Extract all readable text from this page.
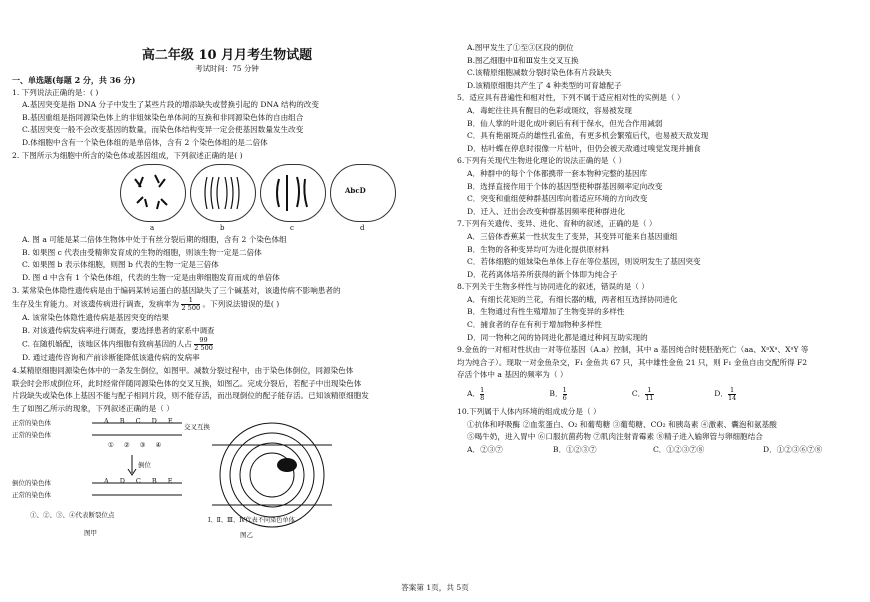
高二年级 10 月月考生物试题
考试时间：75 分钟
一、单选题(每题 2 分，共 36 分)
1. 下列说法正确的是：( )
A.基因突变是指 DNA 分子中发生了某些片段的增添缺失或替换引起的 DNA 结构的改变
B.基因重组是指同源染色体上的非姐妹染色单体间的互换和非同源染色体的自由组合
C.基因突变一般不会改变基因的数量，而染色体结构变异一定会使基因数量发生改变
D.体细胞中含有一个染色体组的是单倍体，含有 2 个染色体组的是二倍体
2. 下图所示为细胞中所含的染色体或基因组成，下列叙述正确的是( )
AbcD
a	b	c	d
A. 图 a 可能是某二倍体生物体中处于有丝分裂后期的细胞，含有 2 个染色体组
B. 如果图 c 代表由受精卵发育成的生物的细胞，则该生物一定是二倍体
C. 如果图 b 表示体细胞，则图 b 代表的生物一定是三倍体
D. 图 d 中含有 1 个染色体组，代表的生物一定是由卵细胞发育而成的单倍体
3. 某常染色体隐性遗传病是由于编码某转运蛋白的基因缺失了三个碱基对，该遗传病不影响患者的
生存及生育能力。对该遗传病进行调查，发病率为 $\frac{1}{2 500}$ 。下列说法错误的是( )
A. 该常染色体隐性遗传病是基因突变的结果
B. 对该遗传病发病率进行调查，要选择患者的家系中调查
C. 在随机婚配，该地区体内细胞有致病基因的人占 $\frac{99}{2 500}$
D. 通过遗传咨询和产前诊断能降低该遗传病的发病率
4.某精原细胞同源染色体中的一条发生倒位，如图甲。减数分裂过程中，由于染色体倒位，同源染色体
联会时会形成倒位环，此时经常伴随同源染色体的交叉互换，如图乙。完成分裂后，若配子中出现染色体
片段缺失或染色体上基因不能与配子相同片段，则不能存活，而出现倒位的配子能存活。已知该精原细胞发
生了如图乙所示的现象，下列叙述正确的是（ ）
正常的染色体
正常的染色体
ABCDE
①②③④
倒位
倒位的染色体
正常的染色体
ADCBE
①、②、③、④代表断裂位点
图甲
交叉互换
Ⅰ、Ⅱ、Ⅲ、Ⅳ代表不同染色单体
图乙
A.图甲发生了①至③区段的倒位
B.图乙细胞中Ⅱ和Ⅲ发生交叉互换
C.该精原细胞减数分裂时染色体有片段缺失
D.该精原细胞共产生了 4 种类型的可育雄配子
5．适应具有普遍性和相对性，下列不属于适应相对性的实例是（ ）
A．毒蛇往往具有醒目的色彩或斑纹，容易被发现
B．仙人掌的叶退化成叶刺后有利于保水，但光合作用减弱
C．具有艳丽斑点的雄性孔雀鱼，有更多机会繁殖后代，也易被天敌发现
D．枯叶蝶在停息时很像一片枯叶，但仍会被天敌通过嗅觉发现并捕食
6.下列有关现代生物进化理论的说法正确的是（ ）
A．种群中的每个个体都携带一套本物种完整的基因库
B．选择直接作用于个体的基因型使种群基因频率定向改变
C．突变和重组使种群基因库向着适应环境的方向改变
D．迁入、迁出会改变种群基因频率使种群进化
7.下列有关遗传、变异、进化、育种的叙述，正确的是（ ）
A．三倍体香蕉某一性状发生了变异，其变异可能来自基因重组
B．生物的各种变异均可为进化提供原材料
C．若体细胞的姐妹染色单体上存在等位基因，则说明发生了基因突变
D．花药离体培养所获得的新个体即为纯合子
8.下列关于生物多样性与协同进化的叙述，错误的是（ ）
A．有细长花矩的兰花，有细长器的蛾，两者相互选择协同进化
B．生物通过有性生殖增加了生物变异的多样性
C．捕食者的存在有利于增加物种多样性
D．同一物种之间的协同进化都是通过种间互助实现的
9.金鱼的一对相对性状由一对等位基因（A.a）控制，其中 a 基因纯合时使胚胎死亡（aa、XᵃXᵃ、XᵃY 等
均为纯合子）。现取一对金鱼杂交，F₁ 金鱼共 67 只，其中雄性金鱼 21 只，则 F₁ 金鱼自由交配所得 F2
存活个体中 a 基因的频率为（ ）
A． $\frac{1}{8}$	B． $\frac{1}{6}$	C． $\frac{1}{11}$	D． $\frac{1}{14}$
10.下列属于人体内环境的组成成分是（ ）
①抗体和呼吸酶 ②血浆蛋白、O₂ 和葡萄糖 ③葡萄糖、CO₂ 和胰岛素 ④激素、囊泡和氨基酸
⑤喝牛奶，进入胃中 ⑥口服抗菌药物 ⑦肌肉注射青霉素 ⑧精子进入输卵管与卵细胞结合
A．②③⑦	B．①②③⑦	C．①②③⑦⑧	D．①②③⑥⑦⑧
答案第 1页，共 5页
